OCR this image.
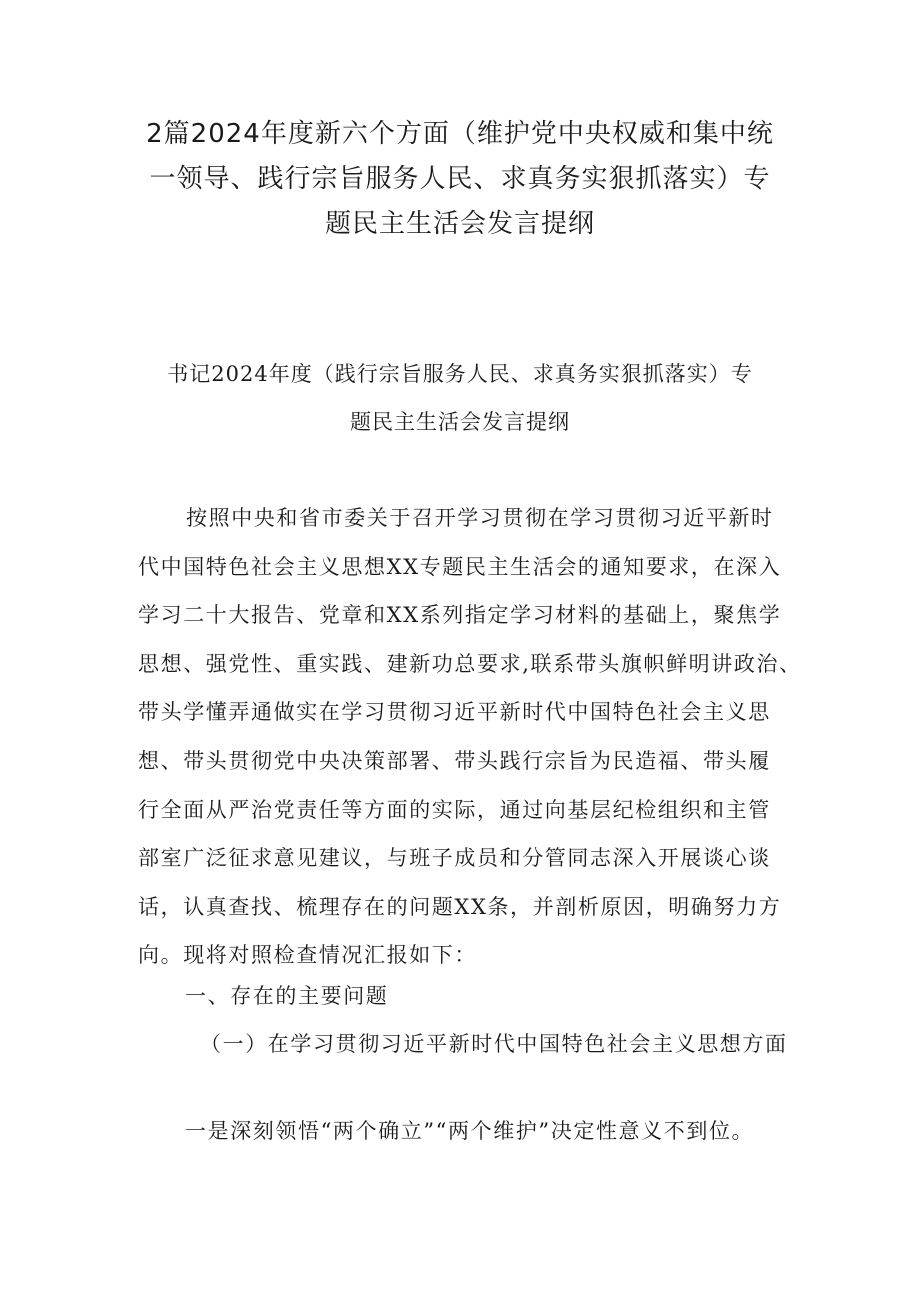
2篇2024年度新六个方面（维护党中央权威和集中统
一领导、践行宗旨服务人民、求真务实狠抓落实）专
题民主生活会发言提纲
书记2024年度（践行宗旨服务人民、求真务实狠抓落实）专
题民主生活会发言提纲
按照中央和省市委关于召开学习贯彻在学习贯彻习近平新时
代中国特色社会主义思想XX专题民主生活会的通知要求，在深入
学习二十大报告、党章和XX系列指定学习材料的基础上，聚焦学
思想、强党性、重实践、建新功总要求,联系带头旗帜鲜明讲政治、
带头学懂弄通做实在学习贯彻习近平新时代中国特色社会主义思
想、带头贯彻党中央决策部署、带头践行宗旨为民造福、带头履
行全面从严治党责任等方面的实际，通过向基层纪检组织和主管
部室广泛征求意见建议，与班子成员和分管同志深入开展谈心谈
话，认真查找、梳理存在的问题XX条，并剖析原因，明确努力方
向。现将对照检查情况汇报如下：
一、存在的主要问题
（一）在学习贯彻习近平新时代中国特色社会主义思想方面
一是深刻领悟“两个确立”“两个维护”决定性意义不到位。
